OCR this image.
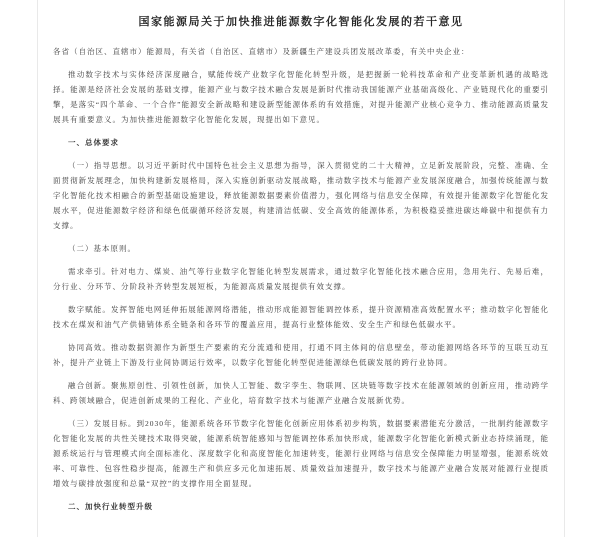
国家能源局关于加快推进能源数字化智能化发展的若干意见
各省（自治区、直辖市）能源局，有关省（自治区、直辖市）及新疆生产建设兵团发展改革委，有关中央企业：
推动数字技术与实体经济深度融合，赋能传统产业数字化智能化转型升级，是把握新一轮科技革命和产业变革新机遇的战略选择。能源是经济社会发展的基础支撑，能源产业与数字技术融合发展是新时代推动我国能源产业基础高级化、产业链现代化的重要引擎，是落实“四个革命、一个合作”能源安全新战略和建设新型能源体系的有效措施，对提升能源产业核心竞争力、推动能源高质量发展具有重要意义。为加快推进能源数字化智能化发展，现提出如下意见。
一、总体要求
（一）指导思想。以习近平新时代中国特色社会主义思想为指导，深入贯彻党的二十大精神，立足新发展阶段，完整、准确、全面贯彻新发展理念，加快构建新发展格局，深入实施创新驱动发展战略，推动数字技术与能源产业发展深度融合，加强传统能源与数字化智能化技术相融合的新型基础设施建设，释放能源数据要素价值潜力，强化网络与信息安全保障，有效提升能源数字化智能化发展水平，促进能源数字经济和绿色低碳循环经济发展，构建清洁低碳、安全高效的能源体系，为积极稳妥推进碳达峰碳中和提供有力支撑。
（二）基本原则。
需求牵引。针对电力、煤炭、油气等行业数字化智能化转型发展需求，通过数字化智能化技术融合应用，急用先行、先易后难，分行业、分环节、分阶段补齐转型发展短板，为能源高质量发展提供有效支撑。
数字赋能。发挥智能电网延伸拓展能源网络潜能，推动形成能源智能调控体系，提升资源精准高效配置水平；推动数字化智能化技术在煤炭和油气产供储销体系全链条和各环节的覆盖应用，提高行业整体能效、安全生产和绿色低碳水平。
协同高效。推动数据资源作为新型生产要素的充分流通和使用，打通不同主体间的信息壁垒，带动能源网络各环节的互联互动互补，提升产业链上下游及行业间协调运行效率，以数字化智能化转型促进能源绿色低碳发展的跨行业协同。
融合创新。聚焦原创性、引领性创新，加快人工智能、数字孪生、物联网、区块链等数字技术在能源领域的创新应用，推动跨学科、跨领域融合，促进创新成果的工程化、产业化，培育数字技术与能源产业融合发展新优势。
（三）发展目标。到2030年，能源系统各环节数字化智能化创新应用体系初步构筑，数据要素潜能充分激活，一批制约能源数字化智能化发展的共性关键技术取得突破，能源系统智能感知与智能调控体系加快形成，能源数字化智能化新模式新业态持续涌现，能源系统运行与管理模式向全面标准化、深度数字化和高度智能化加速转变，能源行业网络与信息安全保障能力明显增强，能源系统效率、可靠性、包容性稳步提高，能源生产和供应多元化加速拓展、质量效益加速提升，数字技术与能源产业融合发展对能源行业提质增效与碳排放强度和总量“双控”的支撑作用全面显现。
二、加快行业转型升级
